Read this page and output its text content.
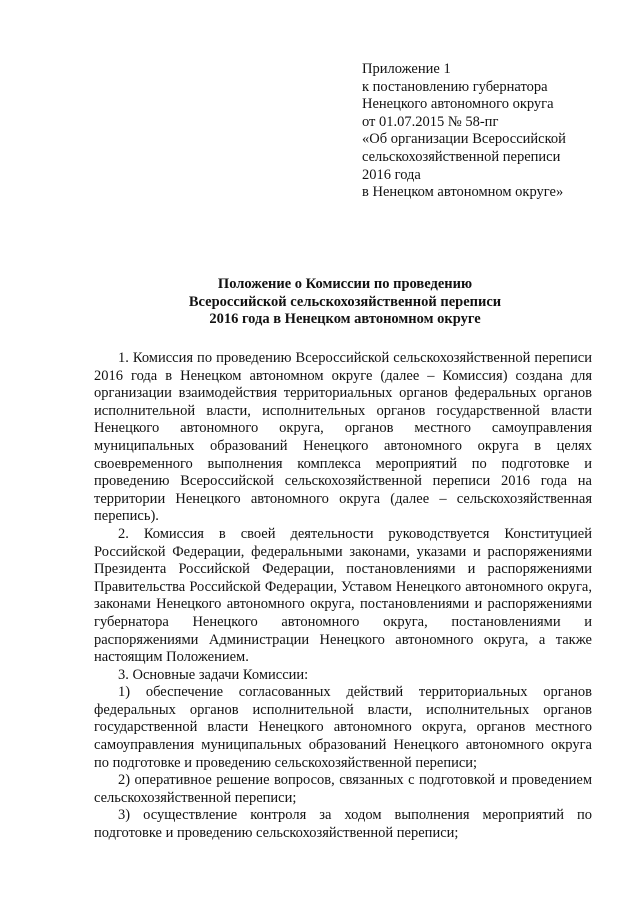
Приложение 1
к постановлению губернатора
Ненецкого автономного округа
от 01.07.2015 № 58-пг
«Об организации Всероссийской
сельскохозяйственной переписи
2016 года
в Ненецком автономном округе»
Положение о Комиссии по проведению
Всероссийской сельскохозяйственной переписи
2016 года в Ненецком автономном округе

1. Комиссия по проведению Всероссийской сельскохозяйственной переписи 2016 года в Ненецком автономном округе (далее – Комиссия) создана для организации взаимодействия территориальных органов федеральных органов исполнительной власти, исполнительных органов государственной власти Ненецкого автономного округа, органов местного самоуправления муниципальных образований Ненецкого автономного округа в целях своевременного выполнения комплекса мероприятий по подготовке и проведению Всероссийской сельскохозяйственной переписи 2016 года на территории Ненецкого автономного округа (далее – сельскохозяйственная перепись).

2. Комиссия в своей деятельности руководствуется Конституцией Российской Федерации, федеральными законами, указами и распоряжениями Президента Российской Федерации, постановлениями и распоряжениями Правительства Российской Федерации, Уставом Ненецкого автономного округа, законами Ненецкого автономного округа, постановлениями и распоряжениями губернатора Ненецкого автономного округа, постановлениями и распоряжениями Администрации Ненецкого автономного округа, а также настоящим Положением.

3. Основные задачи Комиссии:

1) обеспечение согласованных действий территориальных органов федеральных органов исполнительной власти, исполнительных органов государственной власти Ненецкого автономного округа, органов местного самоуправления муниципальных образований Ненецкого автономного округа по подготовке и проведению сельскохозяйственной переписи;

2) оперативное решение вопросов, связанных с подготовкой и проведением сельскохозяйственной переписи;

3) осуществление контроля за ходом выполнения мероприятий по подготовке и проведению сельскохозяйственной переписи;
